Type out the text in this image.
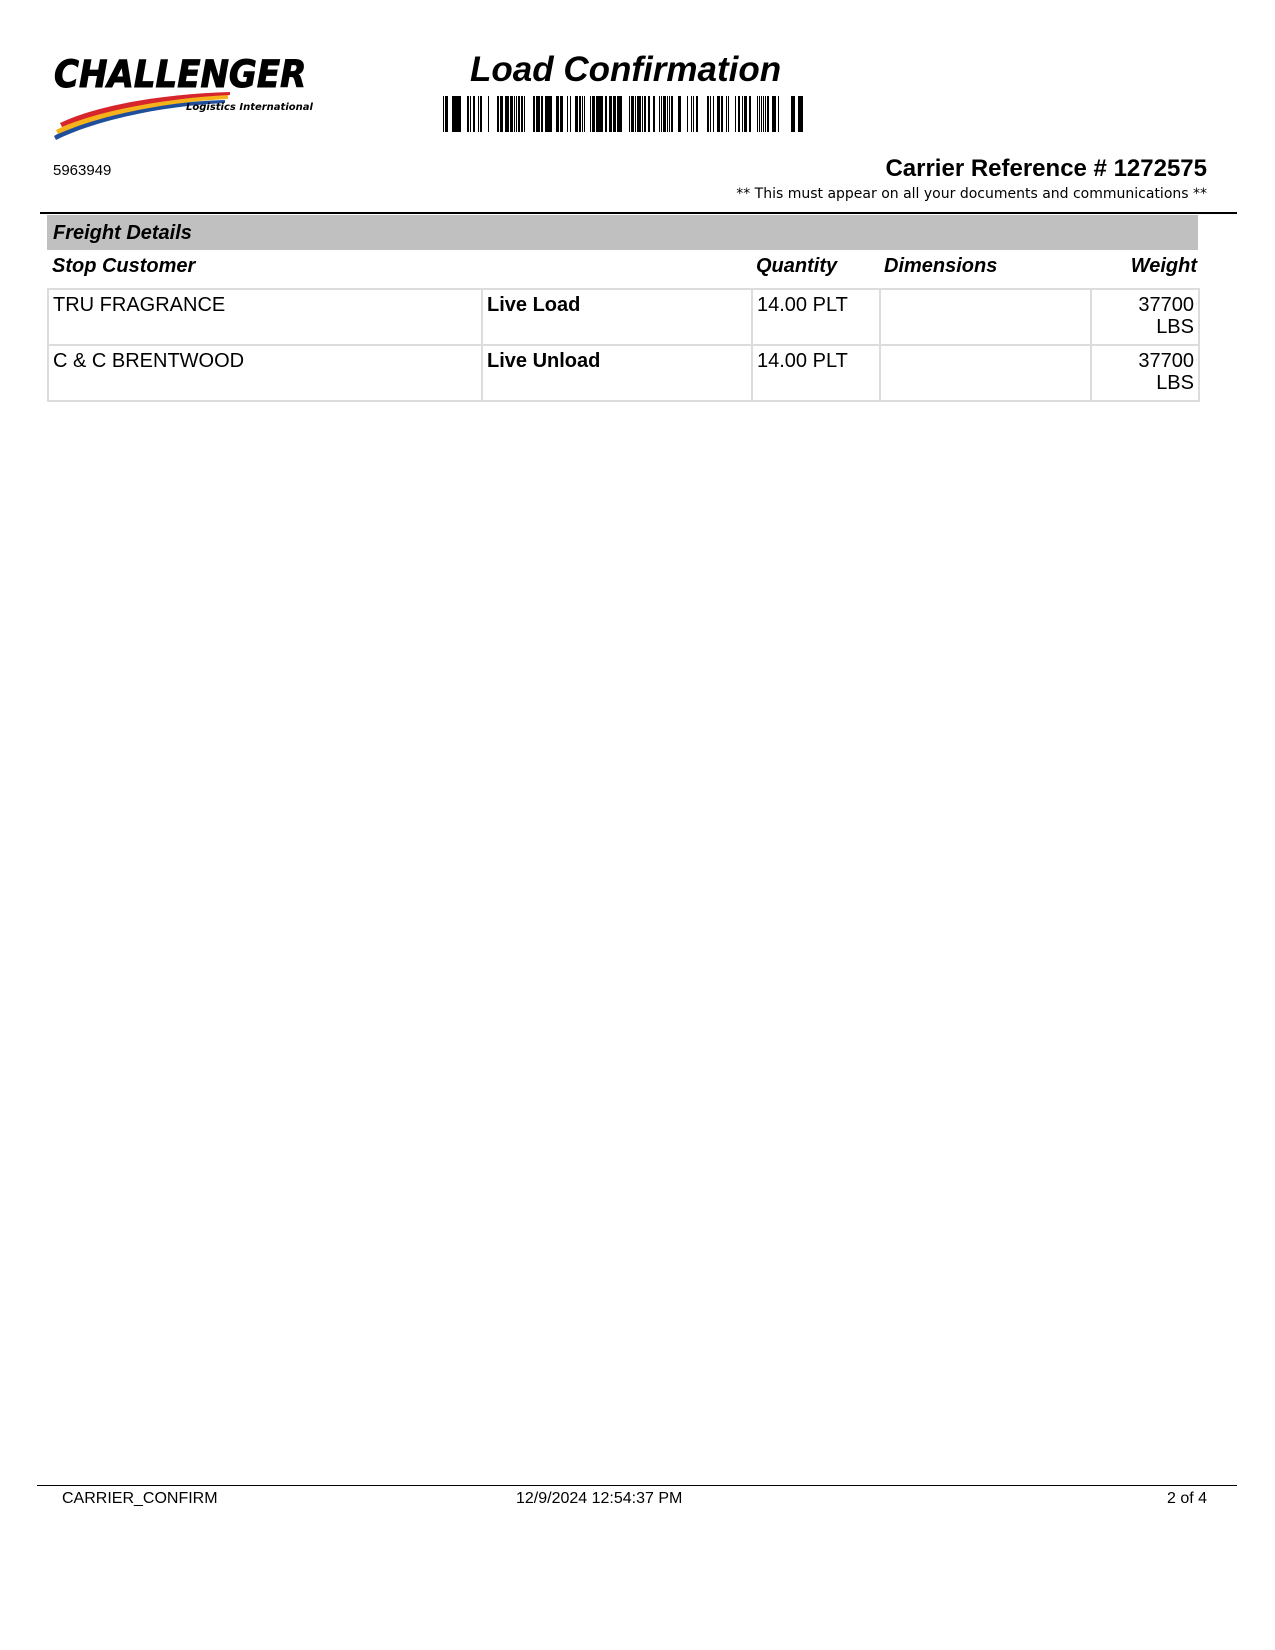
CHALLENGER
Logistics International
Load Confirmation
5963949	Carrier Reference # 1272575
** This must appear on all your documents and communications **
Freight Details
Stop Customer	Quantity Dimensions	Weight
TRU FRAGRANCE	Live Load	14.00 PLT		37700
LBS
C & C BRENTWOOD	Live Unload	14.00 PLT		37700
LBS
CARRIER_CONFIRM	12/9/2024 12:54:37 PM	2 of 4
